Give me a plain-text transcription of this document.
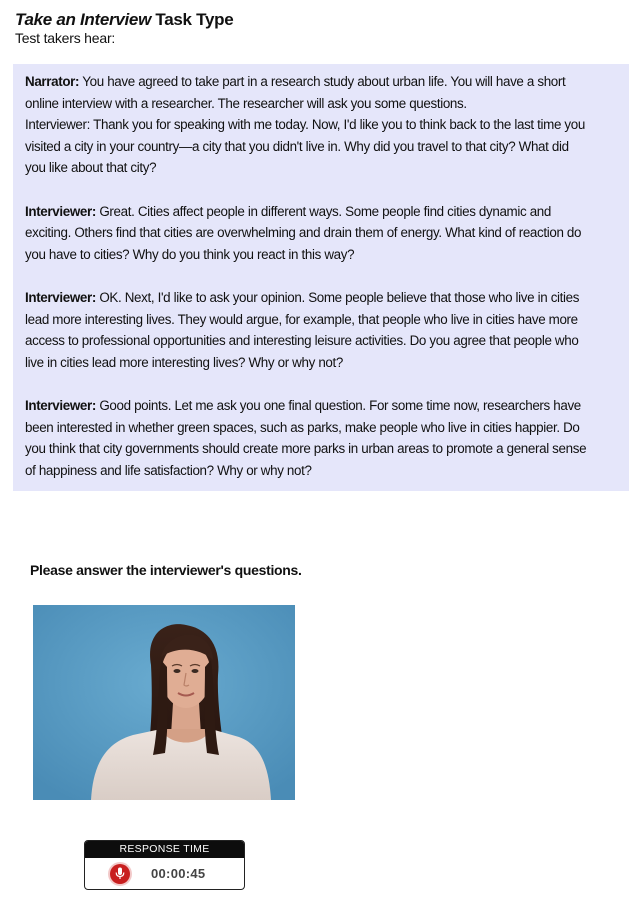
Take an Interview Task Type
Test takers hear:

Narrator: You have agreed to take part in a research study about urban life. You will have a short

online interview with a researcher. The researcher will ask you some questions.

Interviewer: Thank you for speaking with me today. Now, I'd like you to think back to the last time you

visited a city in your country—a city that you didn't live in. Why did you travel to that city? What did

you like about that city?

Interviewer: Great. Cities affect people in different ways. Some people find cities dynamic and

exciting. Others find that cities are overwhelming and drain them of energy. What kind of reaction do

you have to cities? Why do you think you react in this way?

Interviewer: OK. Next, I'd like to ask your opinion. Some people believe that those who live in cities

lead more interesting lives. They would argue, for example, that people who live in cities have more

access to professional opportunities and interesting leisure activities. Do you agree that people who

live in cities lead more interesting lives? Why or why not?

Interviewer: Good points. Let me ask you one final question. For some time now, researchers have

been interested in whether green spaces, such as parks, make people who live in cities happier. Do

you think that city governments should create more parks in urban areas to promote a general sense

of happiness and life satisfaction? Why or why not?

Please answer the interviewer's questions.
RESPONSE TIME
00:00:45
